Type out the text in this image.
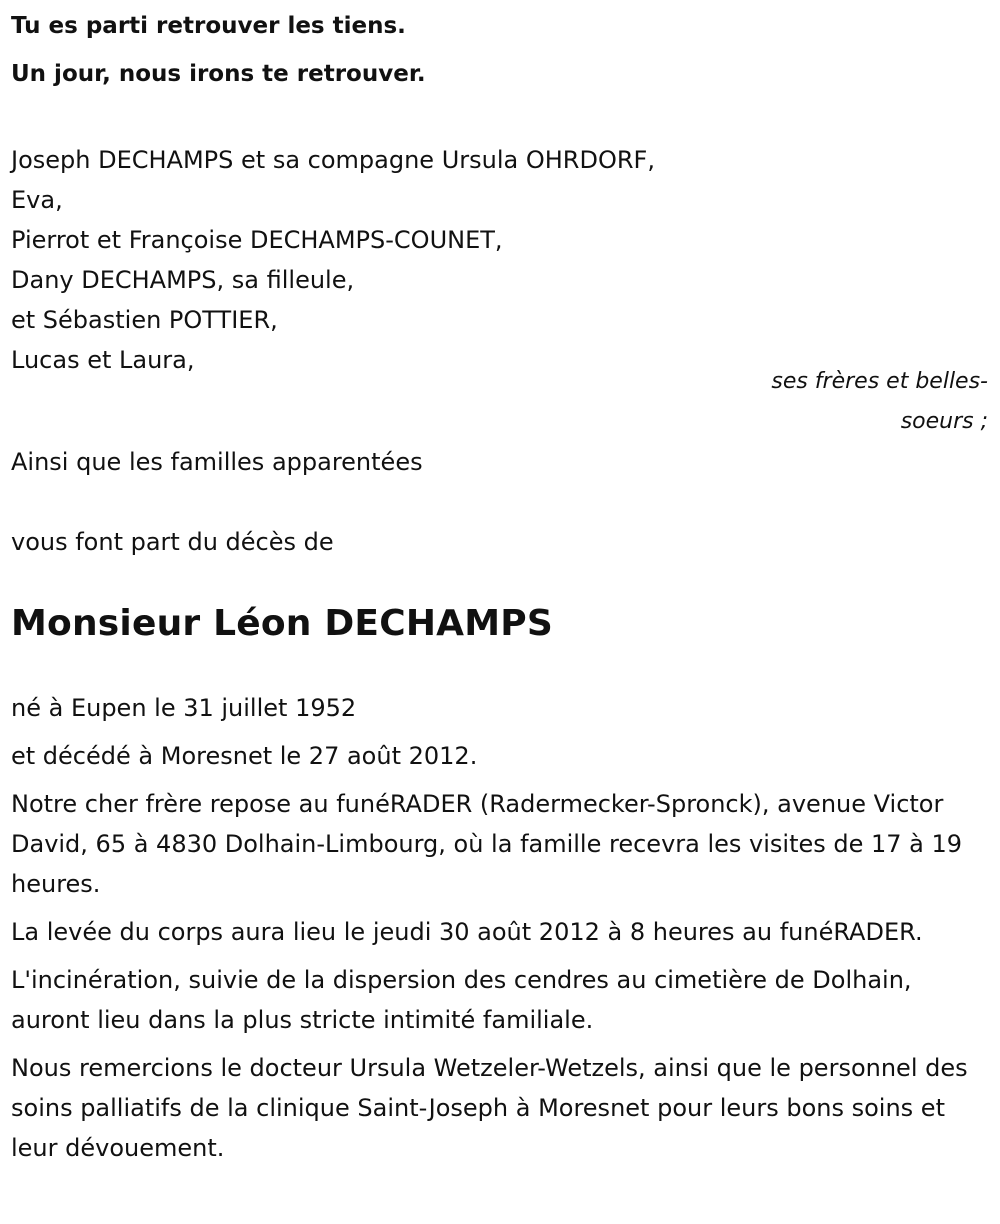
Tu es parti retrouver les tiens.

Un jour, nous irons te retrouver.

Joseph DECHAMPS et sa compagne Ursula OHRDORF,
Eva,
Pierrot et Françoise DECHAMPS-COUNET,
Dany DECHAMPS, sa filleule,
et Sébastien POTTIER,
Lucas et Laura,
ses frères et belles-
soeurs ;
Ainsi que les familles apparentées
vous font part du décès de
Monsieur Léon DECHAMPS

né à Eupen le 31 juillet 1952

et décédé à Moresnet le 27 août 2012.

Notre cher frère repose au funéRADER (Radermecker-Spronck), avenue Victor David, 65 à 4830 Dolhain-Limbourg, où la famille recevra les visites de 17 à 19 heures.

La levée du corps aura lieu le jeudi 30 août 2012 à 8 heures au funéRADER.

L'incinération, suivie de la dispersion des cendres au cimetière de Dolhain, auront lieu dans la plus stricte intimité familiale.

Nous remercions le docteur Ursula Wetzeler-Wetzels, ainsi que le personnel des soins palliatifs de la clinique Saint-Joseph à Moresnet pour leurs bons soins et leur dévouement.
